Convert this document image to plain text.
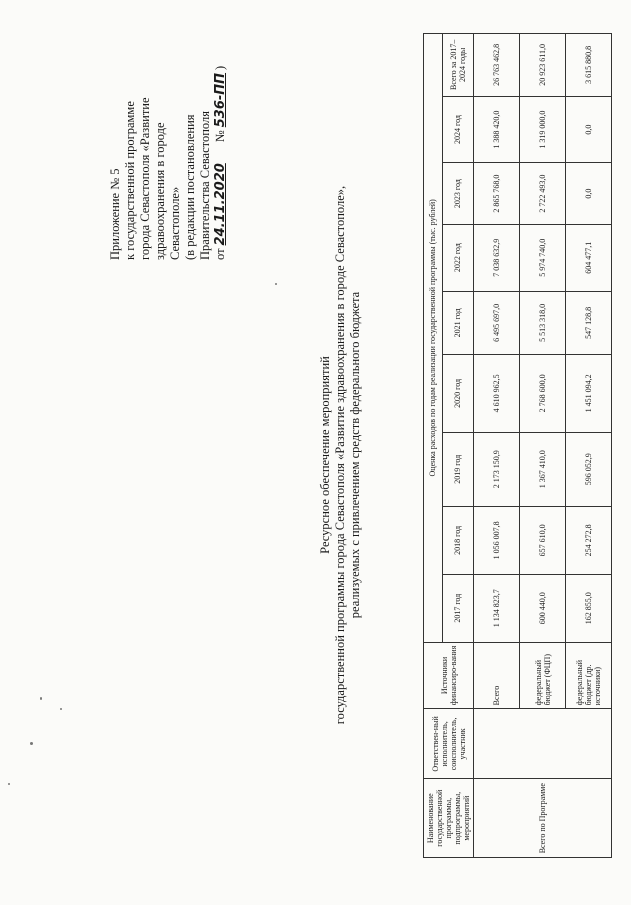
Приложение № 5 к государственной программе города Севастополя «Развитие здравоохранения в городе Севастополе» (в редакции постановления Правительства Севастополя от
24.11.2020
№
536-ПП
)
Ресурсное обеспечение мероприятий государственной программы города Севастополя «Развитие здравоохранения в городе Севастополе», реализуемых с привлечением средств федерального бюджета
Наименование государственной программы, подпрограммы, мероприятий	Ответствен-ный исполнитель, соисполнитель, участник	Источники финансиро-вания	Оценка расходов по годам реализации государственной программы (тыс. рублей)								
			2017 год	2018 год	2019 год	2020 год	2021 год	2022 год	2023 год	2024 год	Всего за 2017–2024 годы
Всего по Программе		Всего	1 134 823,7	1 056 007,8	2 173 150,9	4 610 962,5	6 495 697,0	7 038 632,9	2 865 768,0	1 388 420,0	26 763 462,8
		федеральный бюджет (ФЦП)	600 440,0	657 610,0	1 367 410,0	2 768 600,0	5 513 318,0	5 974 740,0	2 722 493,0	1 319 000,0	20 923 611,0
		федеральный бюджет (др. источники)	162 855,0	254 272,8	596 052,9	1 451 094,2	547 128,8	604 477,1	0,0	0,0	3 615 880,8
